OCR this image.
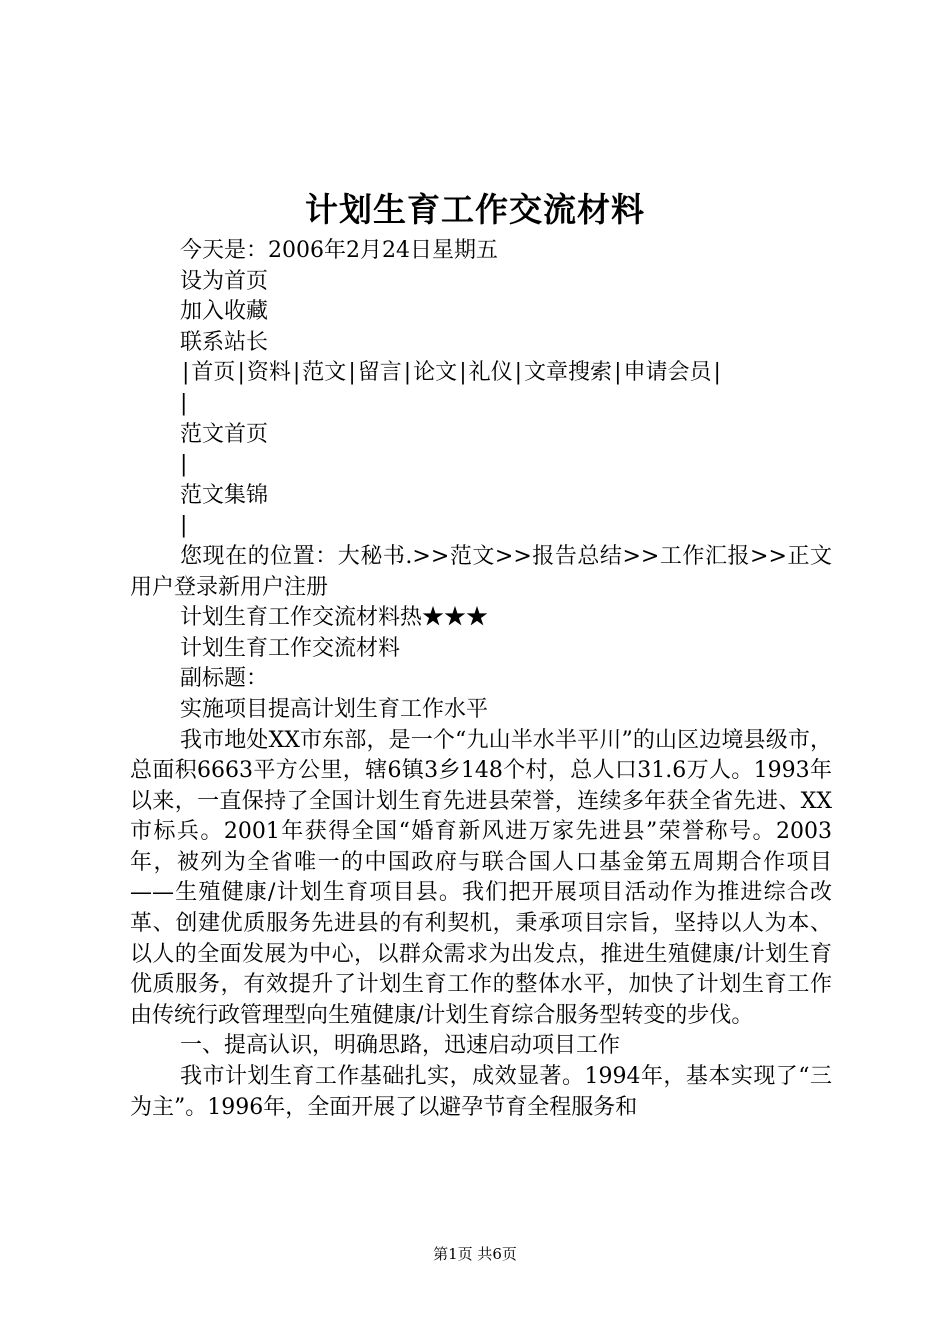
计划生育工作交流材料

今天是：2006年2月24日星期五

设为首页

加入收藏

联系站长

|首页|资料|范文|留言|论文|礼仪|文章搜索|申请会员|

|

范文首页

|

范文集锦

|

您现在的位置：大秘书.>>范文>>报告总结>>工作汇报>>正文用户登录新用户注册

计划生育工作交流材料热★★★

计划生育工作交流材料

副标题：

实施项目提高计划生育工作水平

我市地处XX市东部，是一个“九山半水半平川”的山区边境县级市，总面积6663平方公里，辖6镇3乡148个村，总人口31.6万人。1993年以来，一直保持了全国计划生育先进县荣誉，连续多年获全省先进、XX市标兵。2001年获得全国“婚育新风进万家先进县”荣誉称号。2003年，被列为全省唯一的中国政府与联合国人口基金第五周期合作项目——生殖健康/计划生育项目县。我们把开展项目活动作为推进综合改革、创建优质服务先进县的有利契机，秉承项目宗旨，坚持以人为本、以人的全面发展为中心，以群众需求为出发点，推进生殖健康/计划生育优质服务，有效提升了计划生育工作的整体水平，加快了计划生育工作由传统行政管理型向生殖健康/计划生育综合服务型转变的步伐。

一、提高认识，明确思路，迅速启动项目工作

我市计划生育工作基础扎实，成效显著。1994年，基本实现了“三为主”。1996年，全面开展了以避孕节育全程服务和

第1页 共6页
